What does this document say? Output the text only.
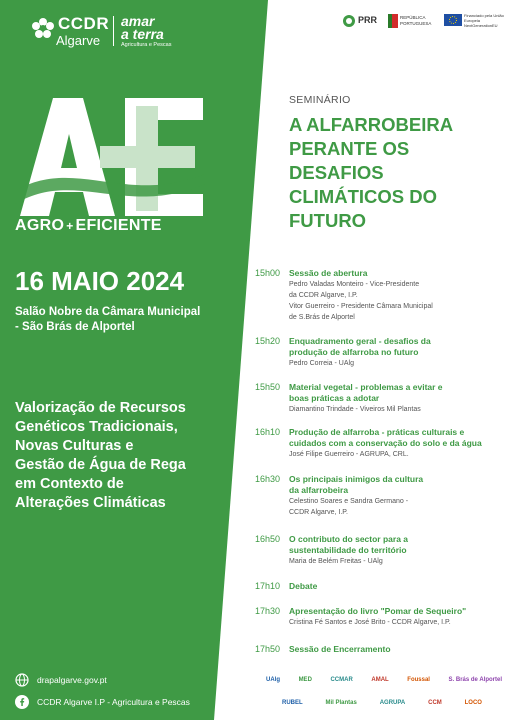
CCDR
Algarve
amar
a terra
Agricultura e Pescas
PRR	REPÚBLICA PORTUGUESA
Financiado pela União Europeia NextGenerationEU
AGRO + EFICIENTE
16 MAIO 2024
Salão Nobre da Câmara Municipal
- São Brás de Alportel
Valorização de Recursos
Genéticos Tradicionais,
Novas Culturas e
Gestão de Água de Rega
em Contexto de
Alterações Climáticas
drapalgarve.gov.pt
CCDR Algarve I.P - Agricultura e Pescas
SEMINÁRIO
A ALFARROBEIRA
PERANTE OS
DESAFIOS
CLIMÁTICOS DO
FUTURO
15h00 Sessão de abertura
Pedro Valadas Monteiro - Vice-Presidente
da CCDR Algarve, I.P.
Vitor Guerreiro - Presidente Câmara Municipal
de S.Brás de Alportel
15h20 Enquadramento geral - desafios da
produção de alfarroba no futuro
Pedro Correia - UAlg
15h50 Material vegetal - problemas a evitar e
boas práticas a adotar
Diamantino Trindade - Viveiros Mil Plantas
16h10 Produção de alfarroba - práticas culturais e
cuidados com a conservação do solo e da água
José Filipe Guerreiro - AGRUPA, CRL.
16h30 Os principais inimigos da cultura
da alfarrobeira
Celestino Soares e Sandra Germano -
CCDR Algarve, I.P.
16h50 O contributo do sector para a
sustentabilidade do território
Maria de Belém Freitas - UAlg
17h10 Debate
17h30 Apresentação do livro "Pomar de Sequeiro"
Cristina Fé Santos e José Brito - CCDR Algarve, I.P.
17h50 Sessão de Encerramento
UAlg	MED	CCMAR	AMAL	Foussal	S. Brás de Alportel
RUBEL	Mil Plantas	AGRUPA	CCM	LOCO
